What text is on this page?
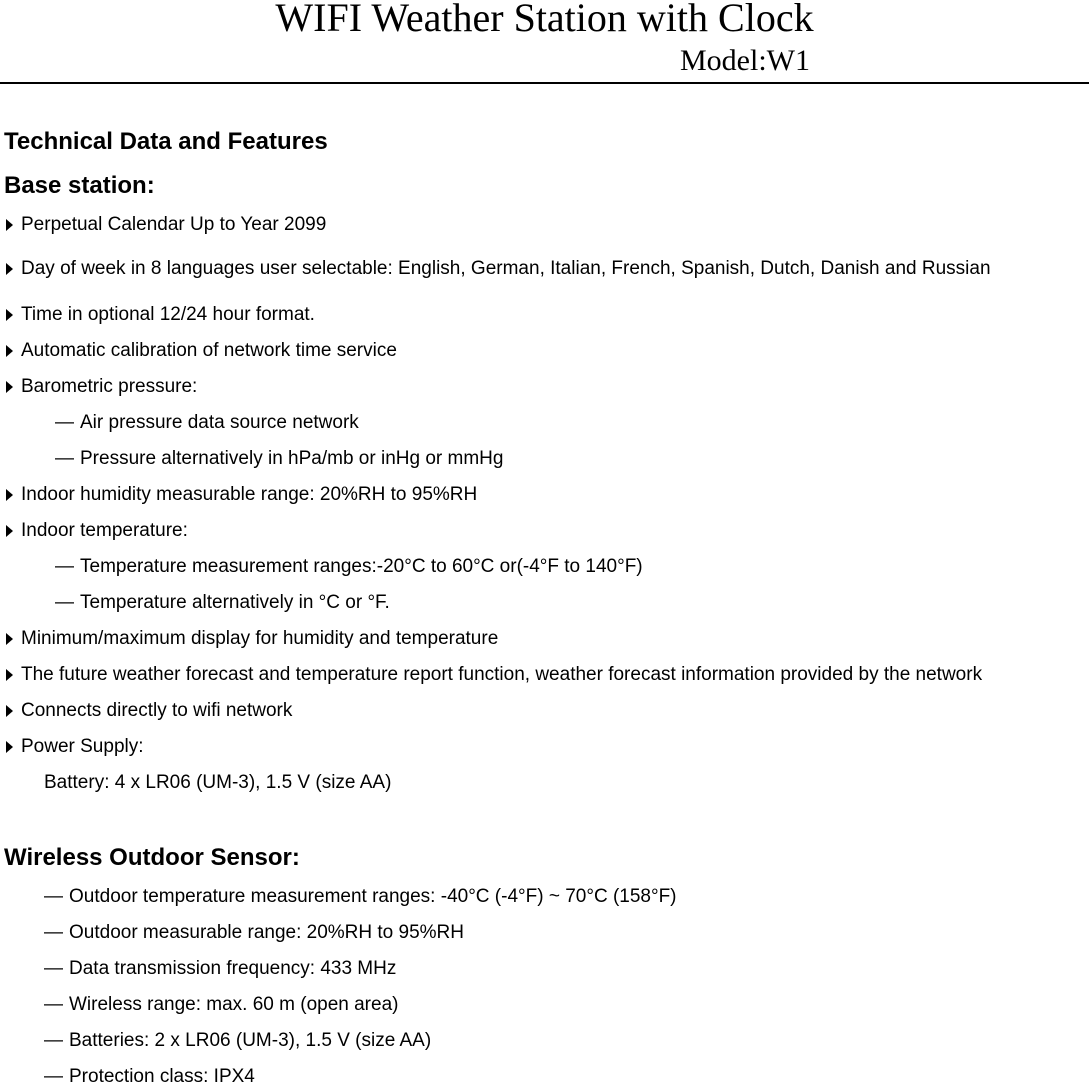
WIFI Weather Station with Clock
Model:W1
Technical Data and Features
Base station:
Perpetual Calendar Up to Year 2099
Day of week in 8 languages user selectable: English, German, Italian, French, Spanish, Dutch, Danish and Russian
Time in optional 12/24 hour format.
Automatic calibration of network time service
Barometric pressure:
— Air pressure data source network
— Pressure alternatively in hPa/mb or inHg or mmHg
Indoor humidity measurable range: 20%RH to 95%RH
Indoor temperature:
— Temperature measurement ranges:-20°C to 60°C or(-4°F to 140°F)
— Temperature alternatively in °C or °F.
Minimum/maximum display for humidity and temperature
The future weather forecast and temperature report function, weather forecast information provided by the network
Connects directly to wifi network
Power Supply:
Battery: 4 x LR06 (UM-3), 1.5 V (size AA)
Wireless Outdoor Sensor:
— Outdoor temperature measurement ranges: -40°C (-4°F) ~ 70°C (158°F)
— Outdoor measurable range: 20%RH to 95%RH
— Data transmission frequency: 433 MHz
— Wireless range: max. 60 m (open area)
— Batteries: 2 x LR06 (UM-3), 1.5 V (size AA)
— Protection class: IPX4
